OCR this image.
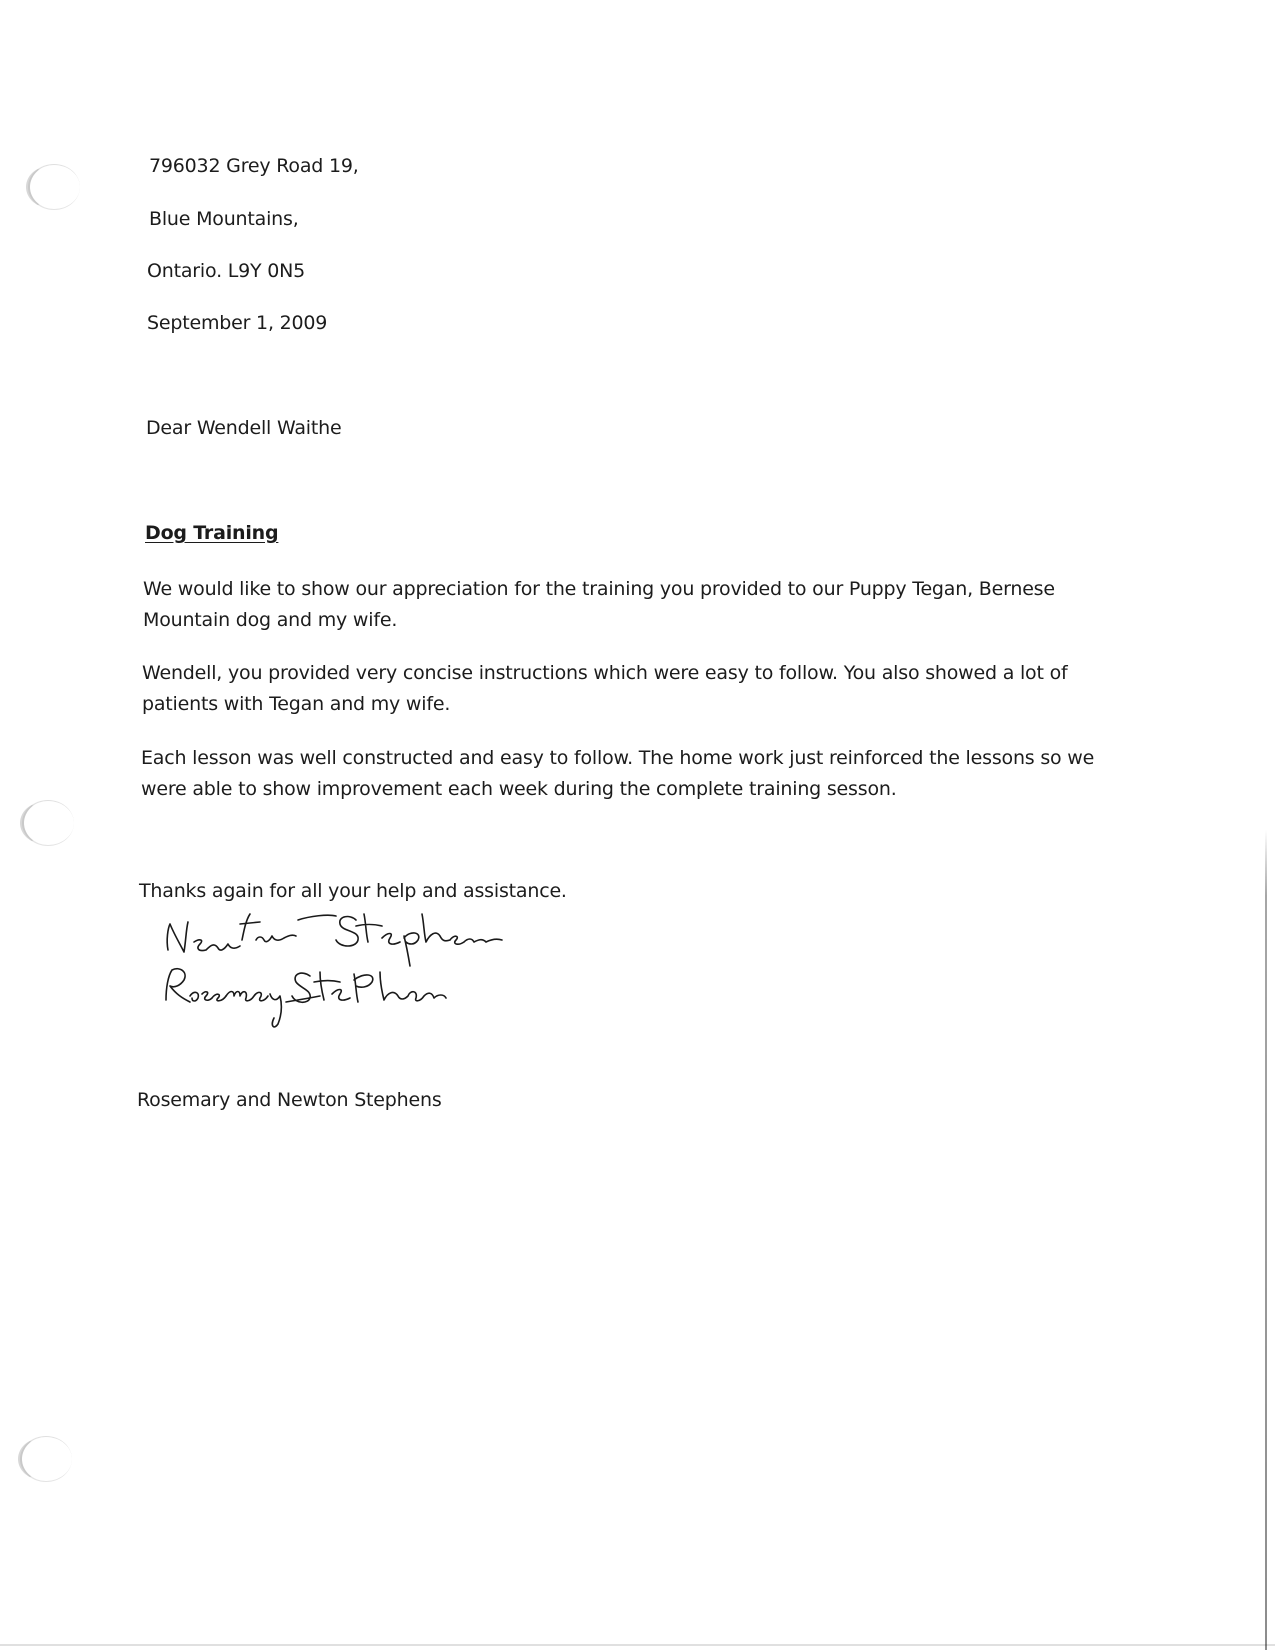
796032 Grey Road 19,
Blue Mountains,
Ontario. L9Y 0N5
September 1, 2009
Dear Wendell Waithe
Dog Training
We would like to show our appreciation for the training you provided to our Puppy Tegan, Bernese Mountain dog and my wife.
Wendell, you provided very concise instructions which were easy to follow. You also showed a lot of patients with Tegan and my wife.
Each lesson was well constructed and easy to follow. The home work just reinforced the lessons so we were able to show improvement each week during the complete training sesson.
Thanks again for all your help and assistance.
Rosemary and Newton Stephens
